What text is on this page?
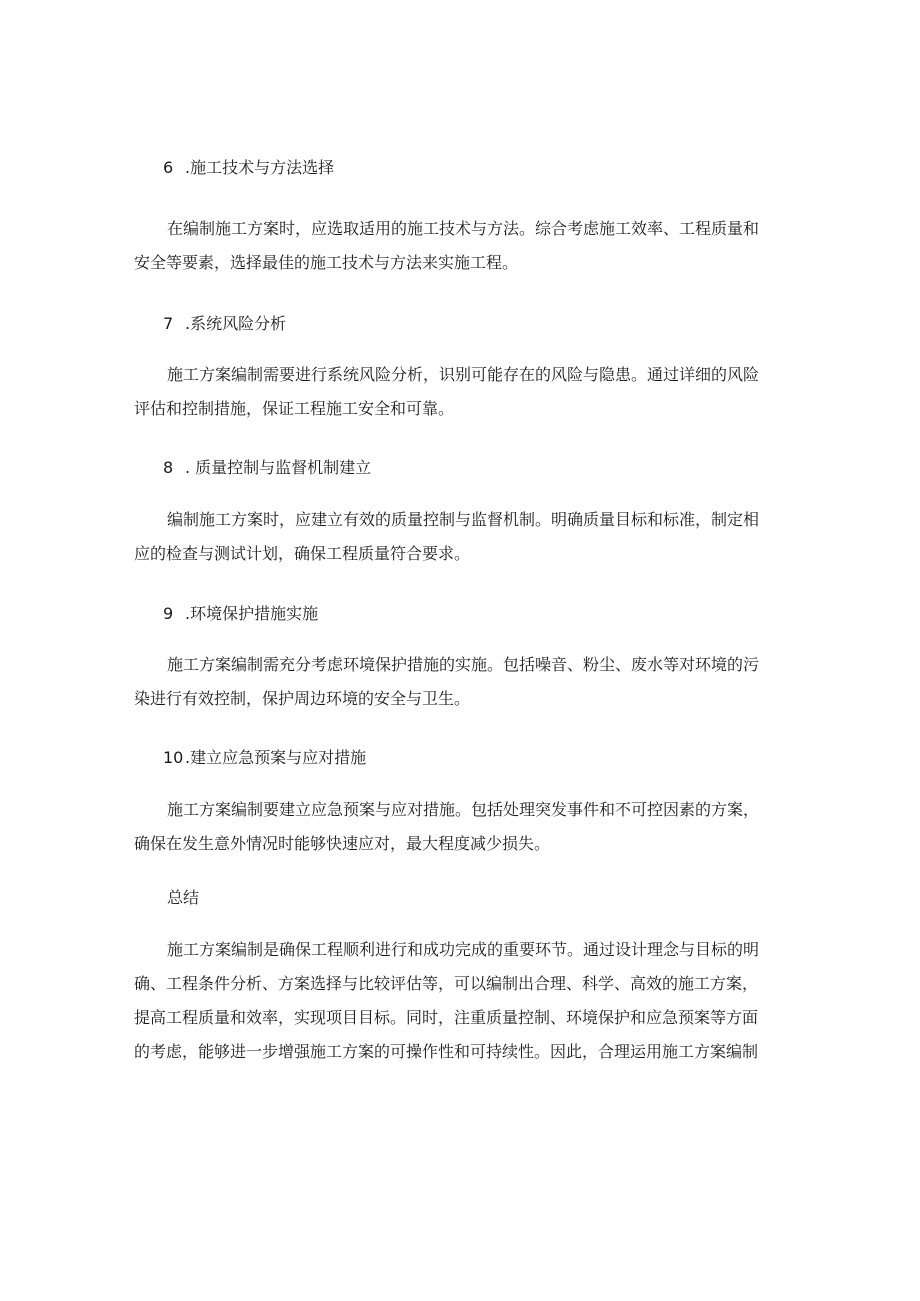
6 .施工技术与方法选择
在编制施工方案时，应选取适用的施工技术与方法。综合考虑施工效率、工程质量和
安全等要素，选择最佳的施工技术与方法来实施工程。
7 .系统风险分析
施工方案编制需要进行系统风险分析，识别可能存在的风险与隐患。通过详细的风险
评估和控制措施，保证工程施工安全和可靠。
8 . 质量控制与监督机制建立
编制施工方案时，应建立有效的质量控制与监督机制。明确质量目标和标准，制定相
应的检查与测试计划，确保工程质量符合要求。
9 .环境保护措施实施
施工方案编制需充分考虑环境保护措施的实施。包括噪音、粉尘、废水等对环境的污
染进行有效控制，保护周边环境的安全与卫生。
10 .建立应急预案与应对措施
施工方案编制要建立应急预案与应对措施。包括处理突发事件和不可控因素的方案，
确保在发生意外情况时能够快速应对，最大程度减少损失。
总结
施工方案编制是确保工程顺利进行和成功完成的重要环节。通过设计理念与目标的明
确、工程条件分析、方案选择与比较评估等，可以编制出合理、科学、高效的施工方案，
提高工程质量和效率，实现项目目标。同时，注重质量控制、环境保护和应急预案等方面
的考虑，能够进一步增强施工方案的可操作性和可持续性。因此，合理运用施工方案编制
